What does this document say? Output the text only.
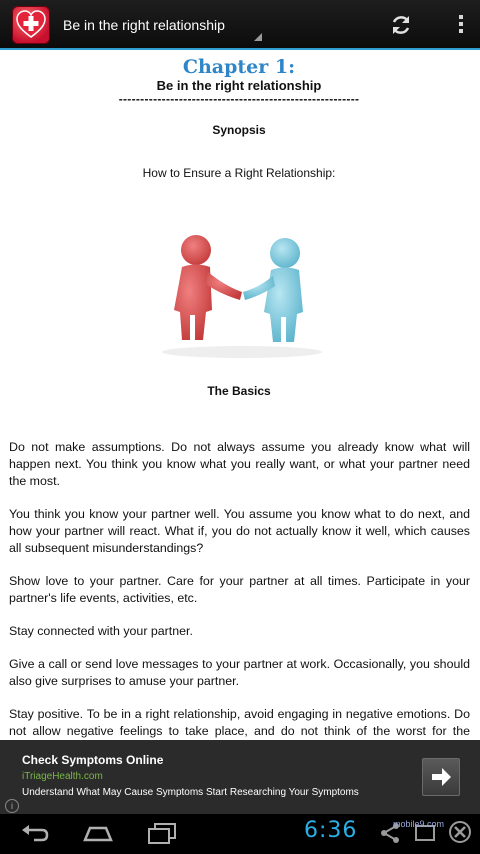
Be in the right relationship
Chapter 1:
Be in the right relationship
--------------------------------------------------------
Synopsis
How to Ensure a Right Relationship:
The Basics

Do not make assumptions. Do not always assume you already know what will happen next. You think you know what you really want, or what your partner need the most.

You think you know your partner well. You assume you know what to do next, and how your partner will react. What if, you do not actually know it well, which causes all subsequent misunderstandings?

Show love to your partner. Care for your partner at all times. Participate in your partner's life events, activities, etc.

Stay connected with your partner.

Give a call or send love messages to your partner at work. Occasionally, you should also give surprises to amuse your partner.

Stay positive. To be in a right relationship, avoid engaging in negative emotions. Do not allow negative feelings to take place, and do not think of the worst for the

Check Symptoms Online
iTriageHealth.com
Understand What May Cause Symptoms Start Researching Your Symptoms
i
6:36	mobile9.com
